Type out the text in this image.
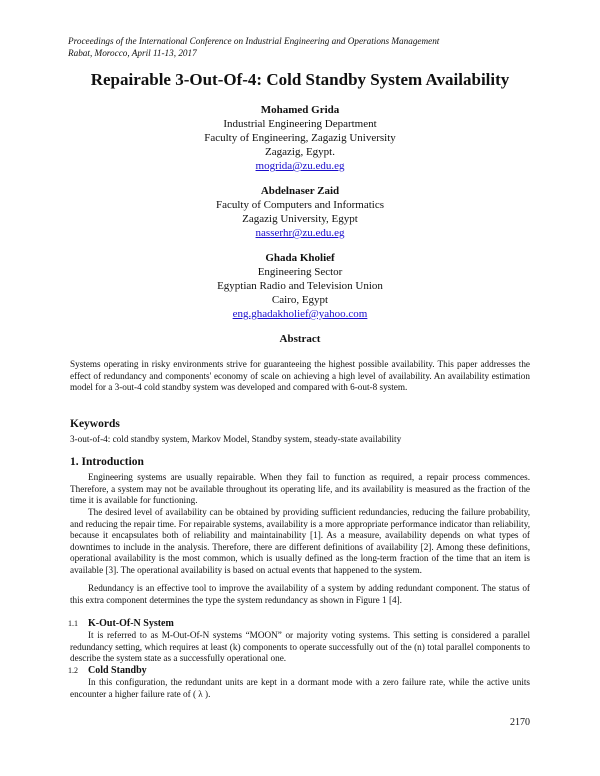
Proceedings of the International Conference on Industrial Engineering and Operations Management
Rabat, Morocco, April 11-13, 2017
Repairable 3-Out-Of-4: Cold Standby System Availability
Mohamed Grida
Industrial Engineering Department
Faculty of Engineering, Zagazig University
Zagazig, Egypt.
mogrida@zu.edu.eg
Abdelnaser Zaid
Faculty of Computers and Informatics
Zagazig University, Egypt
nasserhr@zu.edu.eg
Ghada Kholief
Engineering Sector
Egyptian Radio and Television Union
Cairo, Egypt
eng.ghadakholief@yahoo.com
Abstract
Systems operating in risky environments strive for guaranteeing the highest possible availability. This paper addresses the effect of redundancy and components' economy of scale on achieving a high level of availability. An availability estimation model for a 3-out-4 cold standby system was developed and compared with 6-out-8 system.
Keywords
3-out-of-4: cold standby system, Markov Model, Standby system, steady-state availability
1. Introduction
Engineering systems are usually repairable. When they fail to function as required, a repair process commences. Therefore, a system may not be available throughout its operating life, and its availability is measured as the fraction of the time it is available for functioning.
The desired level of availability can be obtained by providing sufficient redundancies, reducing the failure probability, and reducing the repair time. For repairable systems, availability is a more appropriate performance indicator than reliability, because it encapsulates both of reliability and maintainability [1]. As a measure, availability depends on what types of downtimes to include in the analysis. Therefore, there are different definitions of availability [2]. Among these definitions, operational availability is the most common, which is usually defined as the long-term fraction of the time that an item is available [3]. The operational availability is based on actual events that happened to the system.
Redundancy is an effective tool to improve the availability of a system by adding redundant component. The status of this extra component determines the type the system redundancy as shown in Figure 1 [4].
1.1 K-Out-Of-N System
It is referred to as M-Out-Of-N systems “MOON” or majority voting systems. This setting is considered a parallel redundancy setting, which requires at least (k) components to operate successfully out of the (n) total parallel components to describe the system state as a successfully operational one.
1.2 Cold Standby
In this configuration, the redundant units are kept in a dormant mode with a zero failure rate, while the active units encounter a higher failure rate of ( λ ).
2170
